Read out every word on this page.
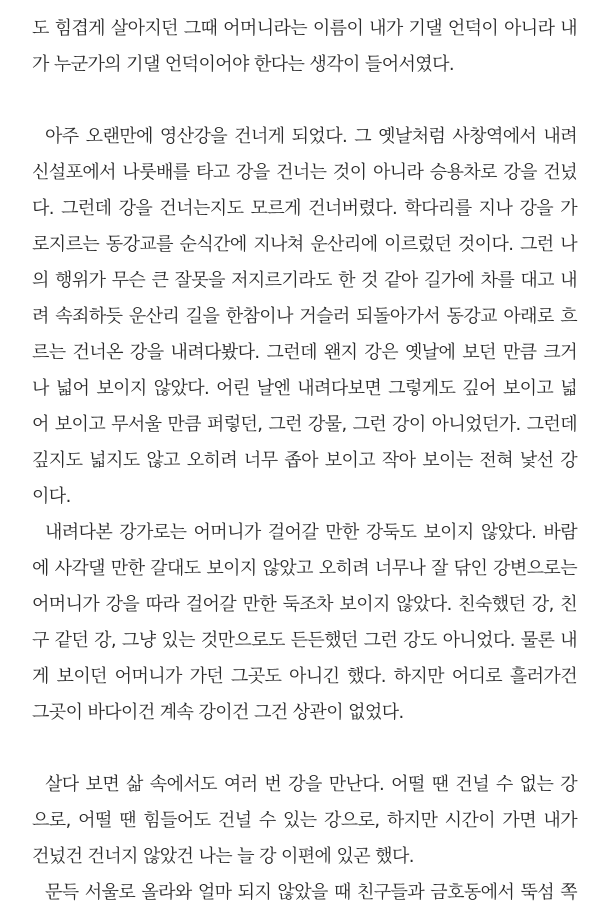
도 힘겹게 살아지던 그때 어머니라는 이름이 내가 기댈 언덕이 아니라 내
가 누군가의 기댈 언덕이어야 한다는 생각이 들어서였다.
아주 오랜만에 영산강을 건너게 되었다. 그 옛날처럼 사창역에서 내려
신설포에서 나룻배를 타고 강을 건너는 것이 아니라 승용차로 강을 건넜
다. 그런데 강을 건너는지도 모르게 건너버렸다. 학다리를 지나 강을 가
로지르는 동강교를 순식간에 지나쳐 운산리에 이르렀던 것이다. 그런 나
의 행위가 무슨 큰 잘못을 저지르기라도 한 것 같아 길가에 차를 대고 내
려 속죄하듯 운산리 길을 한참이나 거슬러 되돌아가서 동강교 아래로 흐
르는 건너온 강을 내려다봤다. 그런데 왠지 강은 옛날에 보던 만큼 크거
나 넓어 보이지 않았다. 어린 날엔 내려다보면 그렇게도 깊어 보이고 넓
어 보이고 무서울 만큼 퍼렇던, 그런 강물, 그런 강이 아니었던가. 그런데
깊지도 넓지도 않고 오히려 너무 좁아 보이고 작아 보이는 전혀 낯선 강
이다.
내려다본 강가로는 어머니가 걸어갈 만한 강둑도 보이지 않았다. 바람
에 사각댈 만한 갈대도 보이지 않았고 오히려 너무나 잘 닦인 강변으로는
어머니가 강을 따라 걸어갈 만한 둑조차 보이지 않았다. 친숙했던 강, 친
구 같던 강, 그냥 있는 것만으로도 든든했던 그런 강도 아니었다. 물론 내
게 보이던 어머니가 가던 그곳도 아니긴 했다. 하지만 어디로 흘러가건
그곳이 바다이건 계속 강이건 그건 상관이 없었다.
살다 보면 삶 속에서도 여러 번 강을 만난다. 어떨 땐 건널 수 없는 강
으로, 어떨 땐 힘들어도 건널 수 있는 강으로, 하지만 시간이 가면 내가
건넜건 건너지 않았건 나는 늘 강 이편에 있곤 했다.
문득 서울로 올라와 얼마 되지 않았을 때 친구들과 금호동에서 뚝섬 쪽
